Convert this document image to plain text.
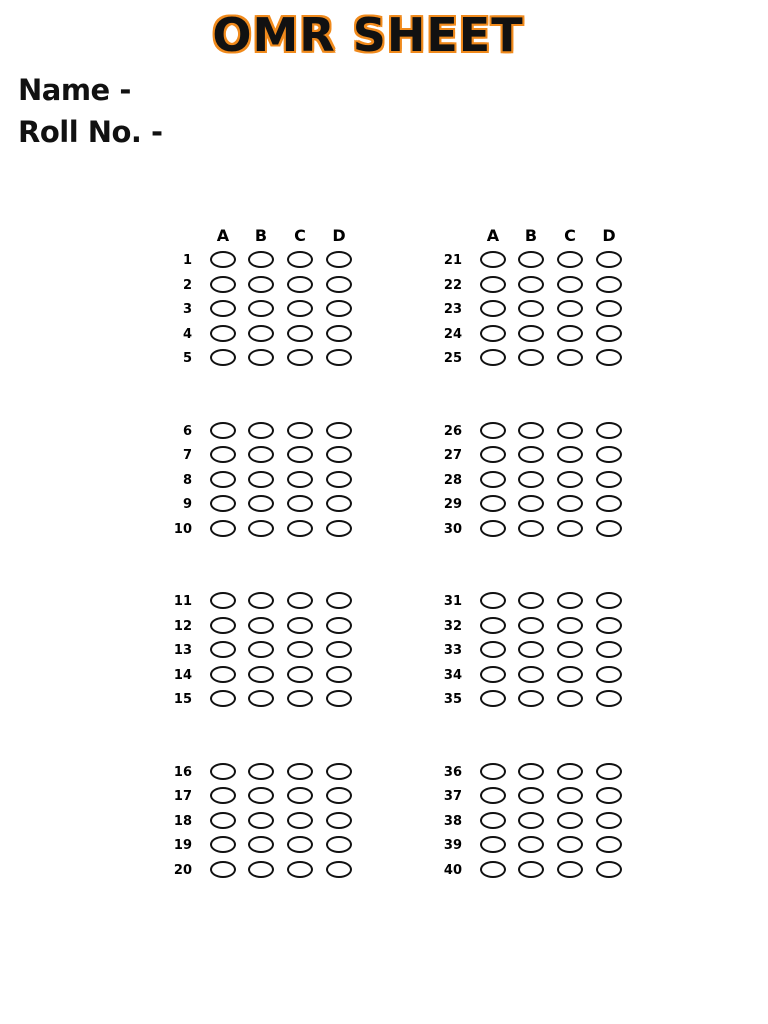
OMR SHEET
Name -
Roll No. -
A	B	C	D
1
2
3
4
5
6
7
8
9
10
11
12
13
14
15
16
17
18
19
20
A	B	C	D
21
22
23
24
25
26
27
28
29
30
31
32
33
34
35
36
37
38
39
40
